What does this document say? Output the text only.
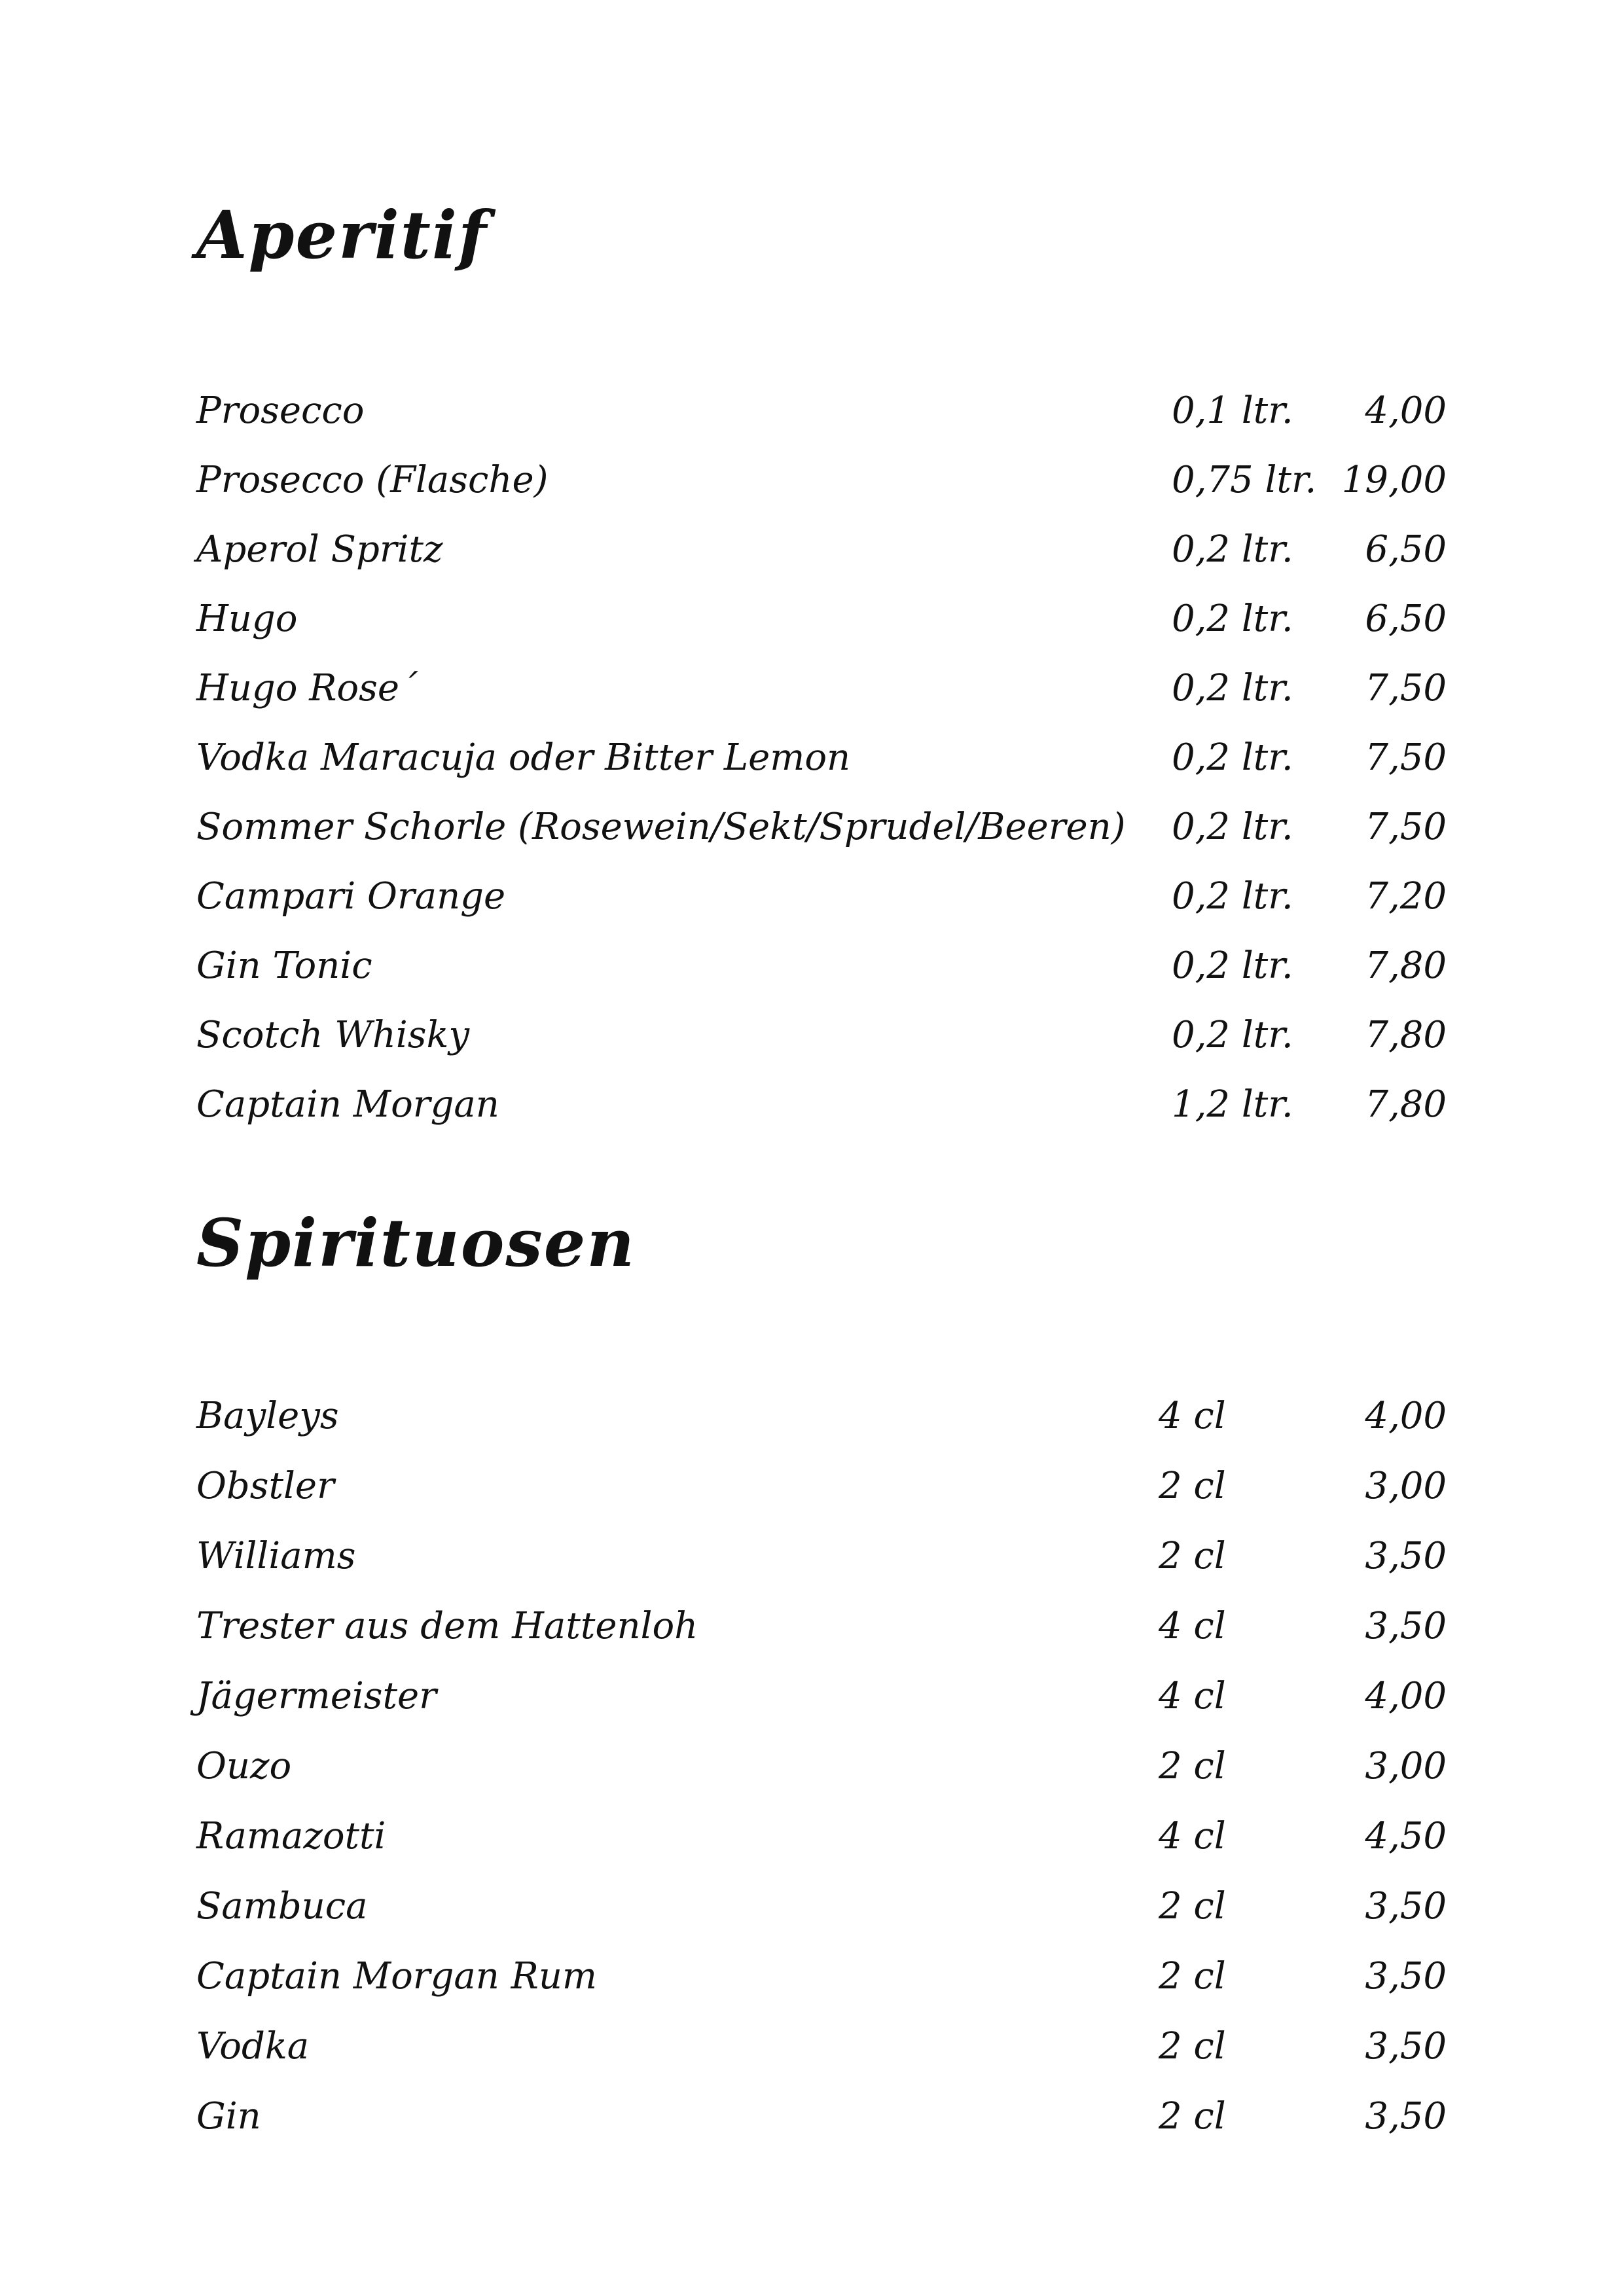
Aperitif
Prosecco	0,1 ltr. 4,00
Prosecco (Flasche)	0,75 ltr. 19,00
Aperol Spritz	0,2 ltr. 6,50
Hugo	0,2 ltr. 6,50
Hugo Rose´	0,2 ltr. 7,50
Vodka Maracuja oder Bitter Lemon	0,2 ltr. 7,50
Sommer Schorle (Rosewein/Sekt/Sprudel/Beeren) 0,2 ltr. 7,50
Campari Orange	0,2 ltr. 7,20
Gin Tonic	0,2 ltr. 7,80
Scotch Whisky	0,2 ltr. 7,80
Captain Morgan	1,2 ltr. 7,80
Spirituosen
Bayleys	4 cl	4,00
Obstler	2 cl	3,00
Williams	2 cl	3,50
Trester aus dem Hattenloh	4 cl	3,50
Jägermeister	4 cl	4,00
Ouzo	2 cl	3,00
Ramazotti	4 cl	4,50
Sambuca	2 cl	3,50
Captain Morgan Rum	2 cl	3,50
Vodka	2 cl	3,50
Gin	2 cl	3,50
